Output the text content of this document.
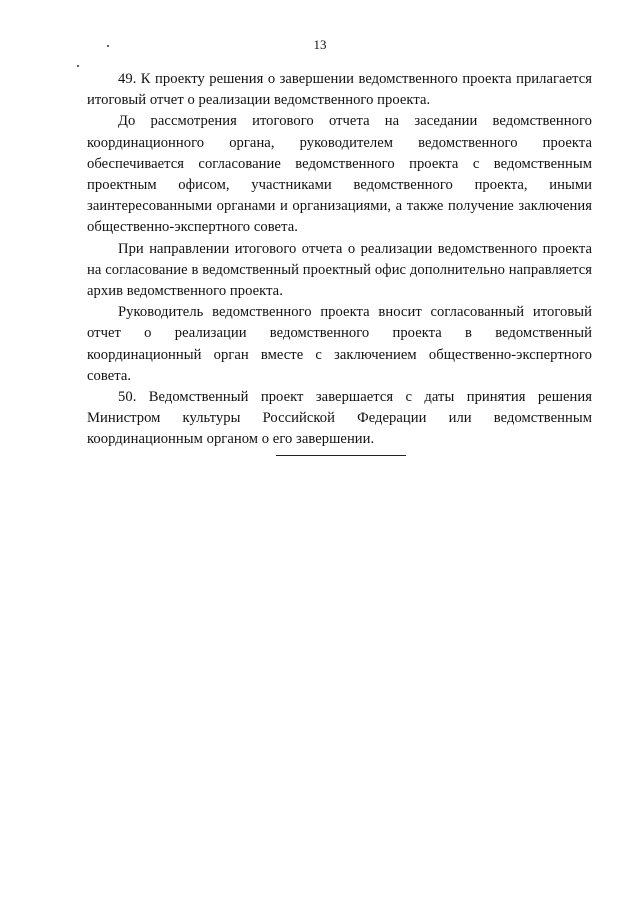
13

49. К проекту решения о завершении ведомственного проекта прилагается итоговый отчет о реализации ведомственного проекта.

До рассмотрения итогового отчета на заседании ведомственного координационного органа, руководителем ведомственного проекта обеспечивается согласование ведомственного проекта с ведомственным проектным офисом, участниками ведомственного проекта, иными заинтересованными органами и организациями, а также получение заключения общественно-экспертного совета.

При направлении итогового отчета о реализации ведомственного проекта на согласование в ведомственный проектный офис дополнительно направляется архив ведомственного проекта.

Руководитель ведомственного проекта вносит согласованный итоговый отчет о реализации ведомственного проекта в ведомственный координационный орган вместе с заключением общественно-экспертного совета.

50. Ведомственный проект завершается с даты принятия решения Министром культуры Российской Федерации или ведомственным координационным органом о его завершении.
